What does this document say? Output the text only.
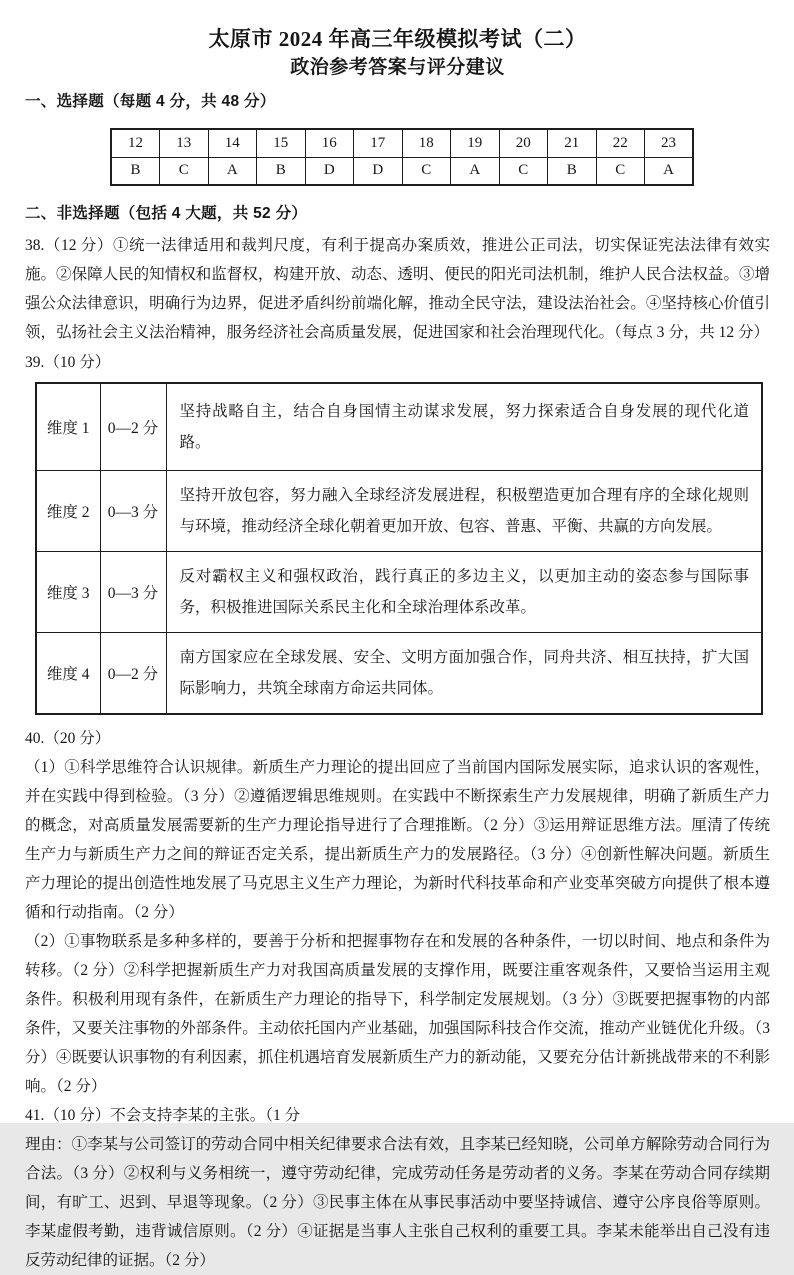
太原市 2024 年高三年级模拟考试（二）
政治参考答案与评分建议
一、选择题（每题 4 分，共 48 分）
12	13	14	15	16	17	18	19	20	21	22	23
B	C	A	B	D	D	C	A	C	B	C	A
二、非选择题（包括 4 大题，共 52 分）

38.（12 分）①统一法律适用和裁判尺度，有利于提高办案质效，推进公正司法，切实保证宪法法律有效实施。②保障人民的知情权和监督权，构建开放、动态、透明、便民的阳光司法机制，维护人民合法权益。③增强公众法律意识，明确行为边界，促进矛盾纠纷前端化解，推动全民守法，建设法治社会。④坚持核心价值引领，弘扬社会主义法治精神，服务经济社会高质量发展，促进国家和社会治理现代化。（每点 3 分，共 12 分）

39.（10 分）

维度 1	0—2 分	坚持战略自主，结合自身国情主动谋求发展，努力探索适合自身发展的现代化道路。
维度 2	0—3 分	坚持开放包容，努力融入全球经济发展进程，积极塑造更加合理有序的全球化规则与环境，推动经济全球化朝着更加开放、包容、普惠、平衡、共赢的方向发展。
维度 3	0—3 分	反对霸权主义和强权政治，践行真正的多边主义，以更加主动的姿态参与国际事务，积极推进国际关系民主化和全球治理体系改革。
维度 4	0—2 分	南方国家应在全球发展、安全、文明方面加强合作，同舟共济、相互扶持，扩大国际影响力，共筑全球南方命运共同体。

40.（20 分）

（1）①科学思维符合认识规律。新质生产力理论的提出回应了当前国内国际发展实际，追求认识的客观性，并在实践中得到检验。（3 分）②遵循逻辑思维规则。在实践中不断探索生产力发展规律，明确了新质生产力的概念，对高质量发展需要新的生产力理论指导进行了合理推断。（2 分）③运用辩证思维方法。厘清了传统生产力与新质生产力之间的辩证否定关系，提出新质生产力的发展路径。（3 分）④创新性解决问题。新质生产力理论的提出创造性地发展了马克思主义生产力理论，为新时代科技革命和产业变革突破方向提供了根本遵循和行动指南。（2 分）

（2）①事物联系是多种多样的，要善于分析和把握事物存在和发展的各种条件，一切以时间、地点和条件为转移。（2 分）②科学把握新质生产力对我国高质量发展的支撑作用，既要注重客观条件，又要恰当运用主观条件。积极利用现有条件，在新质生产力理论的指导下，科学制定发展规划。（3 分）③既要把握事物的内部条件，又要关注事物的外部条件。主动依托国内产业基础，加强国际科技合作交流，推动产业链优化升级。（3 分）④既要认识事物的有利因素，抓住机遇培育发展新质生产力的新动能，又要充分估计新挑战带来的不利影响。（2 分）

41.（10 分）不会支持李某的主张。（1 分

理由：①李某与公司签订的劳动合同中相关纪律要求合法有效，且李某已经知晓，公司单方解除劳动合同行为合法。（3 分）②权利与义务相统一，遵守劳动纪律，完成劳动任务是劳动者的义务。李某在劳动合同存续期间，有旷工、迟到、早退等现象。（2 分）③民事主体在从事民事活动中要坚持诚信、遵守公序良俗等原则。李某虚假考勤，违背诚信原则。（2 分）④证据是当事人主张自己权利的重要工具。李某未能举出自己没有违反劳动纪律的证据。（2 分）
